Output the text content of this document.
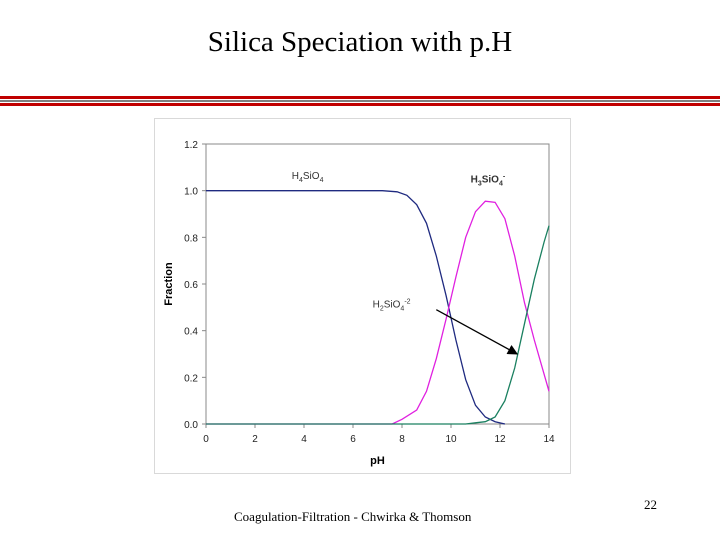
Silica Speciation with p.H
0.0
0.2
0.4
0.6
0.8
1.0
1.2
0	2	4	6	8	10	12	14
pH
Fraction
$H_4SiO_4$	$H_3SiO_4^-$
$H_2SiO_4^{-2}$
Coagulation-Filtration - Chwirka & Thomson
22
